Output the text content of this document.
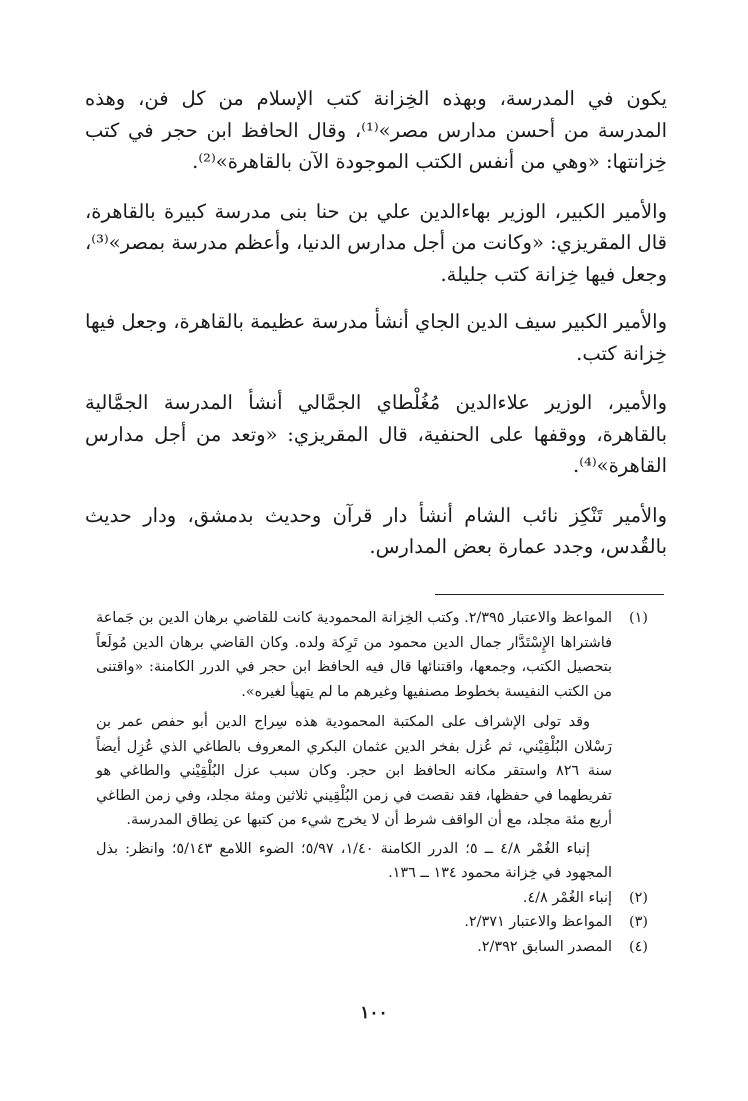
يكون في المدرسة، وبهذه الخِزانة كتب الإسلام من كل فن، وهذه المدرسة من أحسن مدارس مصر»⁽¹⁾، وقال الحافظ ابن حجر في كتب خِزانتها: «وهي من أنفس الكتب الموجودة الآن بالقاهرة»⁽²⁾.

والأمير الكبير، الوزير بهاءالدين علي بن حنا بنى مدرسة كبيرة بالقاهرة، قال المقريزي: «وكانت من أجل مدارس الدنيا، وأعظم مدرسة بمصر»⁽³⁾، وجعل فيها خِزانة كتب جليلة.

والأمير الكبير سيف الدين الجاي أنشأ مدرسة عظيمة بالقاهرة، وجعل فيها خِزانة كتب.

والأمير، الوزير علاءالدين مُغُلْطاي الجمَّالي أنشأ المدرسة الجمَّالية بالقاهرة، ووقفها على الحنفية، قال المقريزي: «وتعد من أجل مدارس القاهرة»⁽⁴⁾.

والأمير تَنْكِز نائب الشام أنشأ دار قرآن وحديث بدمشق، ودار حديث بالقُدس، وجدد عمارة بعض المدارس.

(١)

المواعظ والاعتبار ٢/٣٩٥. وكتب الخِزانة المحمودية كانت للقاضي برهان الدين بن جَماعة فاشتراها الإِسْتَدَّار جمال الدين محمود من تَرِكة ولده. وكان القاضي برهان الدين مُولَعاً بتحصيل الكتب، وجمعها، واقتنائها قال فيه الحافظ ابن حجر في الدرر الكامنة: «واقتنى من الكتب النفيسة بخطوط مصنفيها وغيرهم ما لم يتهيأ لغيره».

وقد تولى الإشراف على المكتبة المحمودية هذه سِراج الدين أبو حفص عمر بن رَسْلان البُلْقِيْني، ثم عُزل بفخر الدين عثمان البكري المعروف بالطاغي الذي عُزِل أيضاً سنة ٨٢٦ واستقر مكانه الحافظ ابن حجر. وكان سبب عزل البُلْقِيْني والطاغي هو تفريطهما في حفظها، فقد نقصت في زمن البُلْقِيني ثلاثين ومئة مجلد، وفي زمن الطاغي أربع مئة مجلد، مع أن الواقف شرط أن لا يخرج شيء من كتبها عن نِطاق المدرسة.

إنباء الغُمْر ٤/٨ ــ ٥؛ الدرر الكامنة ١/٤٠، ٥/٩٧؛ الضوء اللامع ٥/١٤٣؛ وانظر: بذل المجهود في خِزانة محمود ١٣٤ ــ ١٣٦.

(٢)

إنباء الغُمْر ٤/٨.

(٣)

المواعظ والاعتبار ٢/٣٧١.

(٤)

المصدر السابق ٢/٣٩٢.

١٠٠
